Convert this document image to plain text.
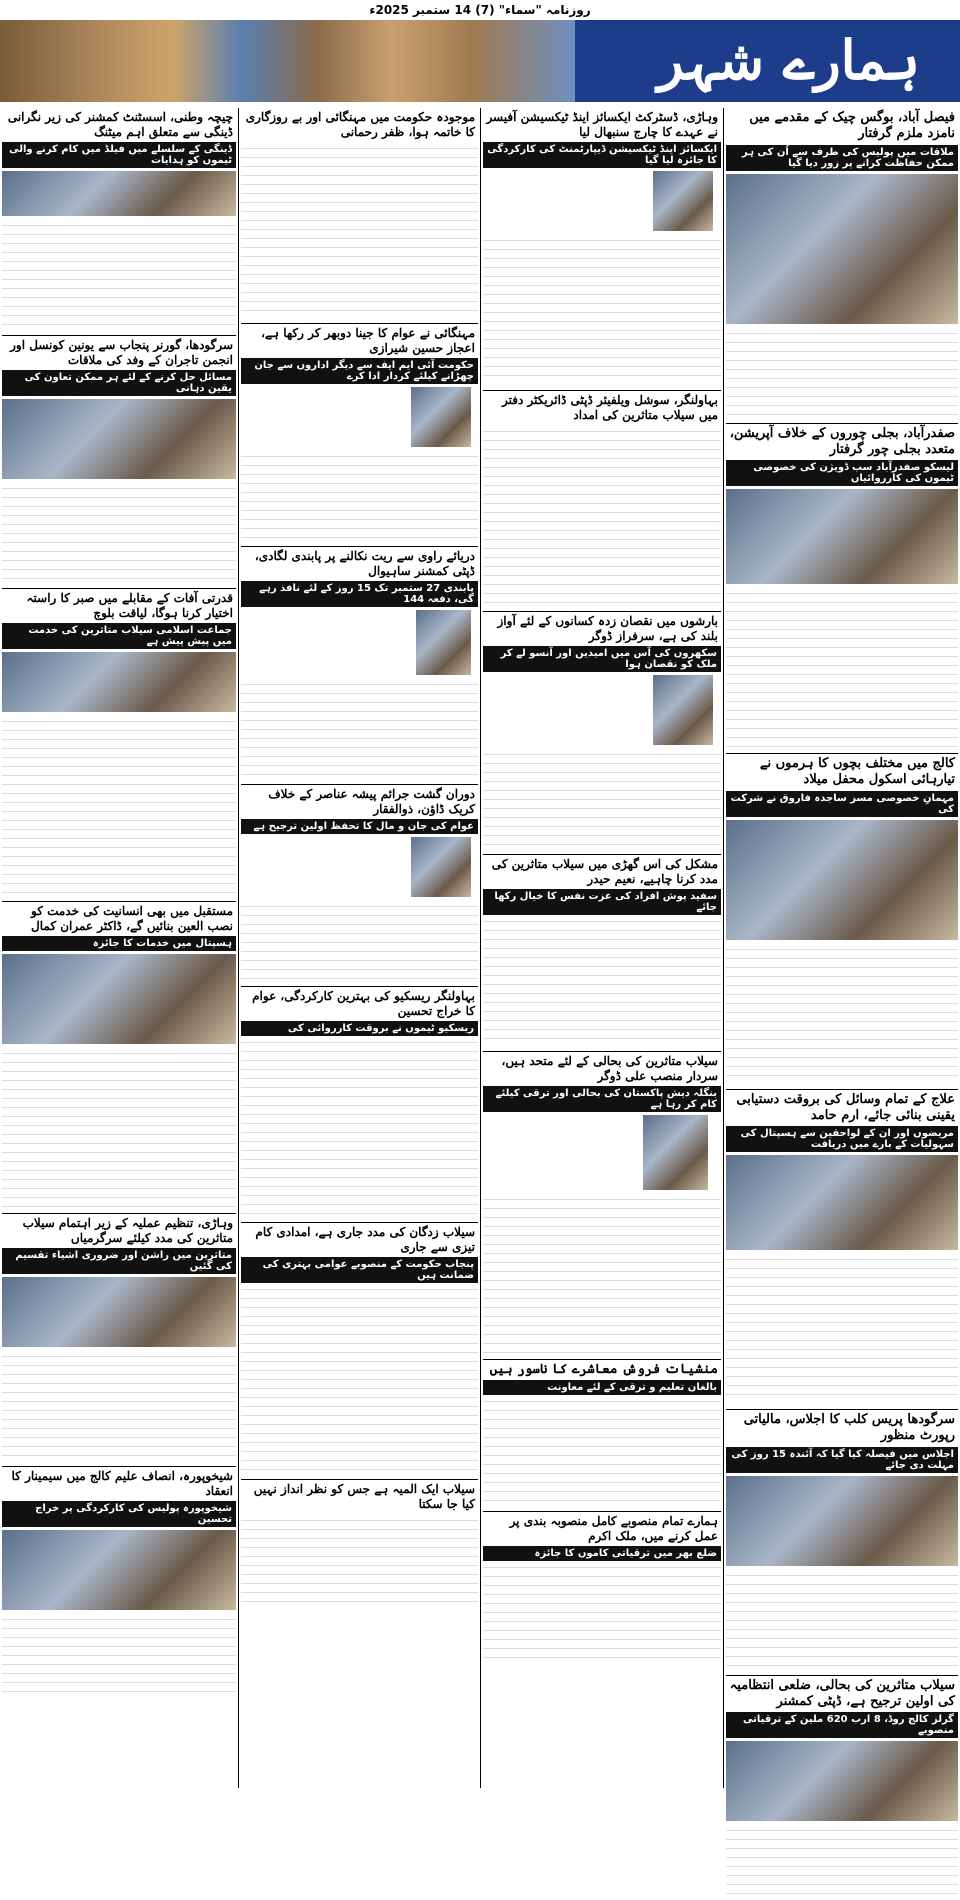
روزنامہ "سماء" (7) 14 ستمبر 2025ء
ہمارے شہر
فیصل آباد، بوگس چیک کے مقدمے میں نامزد ملزم گرفتار
ملاقات میں پولیس کی طرف سے اُن کی ہر ممکن حفاظت کرانے پر زور دیا گیا
صفدرآباد، بجلی چوروں کے خلاف آپریشن، متعدد بجلی چور گرفتار
لیسکو صفدرآباد سب ڈویژن کی خصوصی ٹیموں کی کارروائیاں
کالج میں مختلف بچوں کا ہرموں نے تیارہائی اسکول محفل میلاد
مہمانِ خصوصی مسز ساجدہ فاروق نے شرکت کی
علاج کے تمام وسائل کی بروقت دستیابی یقینی بنائی جائے، ارم حامد
مریضوں اور ان کے لواحقین سے ہسپتال کی سہولیات کے بارے میں دریافت
سرگودھا پریس کلب کا اجلاس، مالیاتی رپورٹ منظور
اجلاس میں فیصلہ کیا گیا کہ آئندہ 15 روز کی مہلت دی جائے
سیلاب متاثرین کی بحالی، ضلعی انتظامیہ کی اولین ترجیح ہے، ڈپٹی کمشنر
گرلز کالج روڈ، 8 ارب 620 ملین کے ترقیاتی منصوبے
وہاڑی، ڈسٹرکٹ ایکسائز اینڈ ٹیکسیشن آفیسر نے عہدے کا چارج سنبھال لیا
ایکسائز اینڈ ٹیکسیشن ڈیپارٹمنٹ کی کارکردگی کا جائزہ لیا گیا
بہاولنگر، سوشل ویلفیئر ڈپٹی ڈائریکٹر دفتر میں سیلاب متاثرین کی امداد
بارشوں میں نقصان زدہ کسانوں کے لئے آواز بلند کی ہے، سرفراز ڈوگر
سکھروں کی آس میں امیدیں اور آنسو لے کر ملک کو نقصان ہوا
مشکل کی اس گھڑی میں سیلاب متاثرین کی مدد کرنا چاہیے، نعیم حیدر
سفید پوش افراد کی عزت نفس کا خیال رکھا جائے
سیلاب متاثرین کی بحالی کے لئے متحد ہیں، سردار منصب علی ڈوگر
بنگلہ دیش پاکستان کی بحالی اور ترقی کیلئے کام کر رہا ہے
منشیات فروش معاشرے کا ناسور ہیں
بالغان تعلیم و ترقی کے لئے معاونت
ہمارے تمام منصوبے کامل منصوبہ بندی پر عمل کرنے میں، ملک اکرم
ضلع بھر میں ترقیاتی کاموں کا جائزہ
موجودہ حکومت میں مہنگائی اور بے روزگاری کا خاتمہ ہوا، ظفر رحمانی
مہنگائی نے عوام کا جینا دوبھر کر رکھا ہے، اعجاز حسین شیرازی
حکومت آئی ایم ایف سے دیگر اداروں سے جان چھڑانے کیلئے کردار ادا کرے
دریائے راوی سے ریت نکالنے پر پابندی لگادی، ڈپٹی کمشنر ساہیوال
پابندی 27 ستمبر تک 15 روز کے لئے نافذ رہے گی، دفعہ 144
دوران گشت جرائم پیشہ عناصر کے خلاف کریک ڈاؤن، ذوالفقار
عوام کی جان و مال کا تحفظ اولین ترجیح ہے
بہاولنگر ریسکیو کی بہترین کارکردگی، عوام کا خراج تحسین
ریسکیو ٹیموں نے بروقت کارروائی کی
سیلاب زدگان کی مدد جاری ہے، امدادی کام تیزی سے جاری
پنجاب حکومت کے منصوبے عوامی بہتری کی ضمانت ہیں
سیلاب ایک المیہ ہے جس کو نظر انداز نہیں کیا جا سکتا
چیچہ وطنی، اسسٹنٹ کمشنر کی زیر نگرانی ڈینگی سے متعلق اہم میٹنگ
ڈینگی کے سلسلے میں فیلڈ میں کام کرنے والی ٹیموں کو ہدایات
سرگودھا، گورنر پنجاب سے یونین کونسل اور انجمن تاجران کے وفد کی ملاقات
مسائل حل کرنے کے لئے ہر ممکن تعاون کی یقین دہانی
قدرتی آفات کے مقابلے میں صبر کا راستہ اختیار کرنا ہوگا، لیاقت بلوچ
جماعت اسلامی سیلاب متاثرین کی خدمت میں پیش پیش ہے
مستقبل میں بھی انسانیت کی خدمت کو نصب العین بنائیں گے، ڈاکٹر عمران کمال
ہسپتال میں خدمات کا جائزہ
وہاڑی، تنظیم عملیہ کے زیر اہتمام سیلاب متاثرین کی مدد کیلئے سرگرمیاں
متاثرین میں راشن اور ضروری اشیاء تقسیم کی گئیں
شیخوپورہ، انصاف علیم کالج میں سیمینار کا انعقاد
شیخوپورہ پولیس کی کارکردگی پر خراج تحسین
